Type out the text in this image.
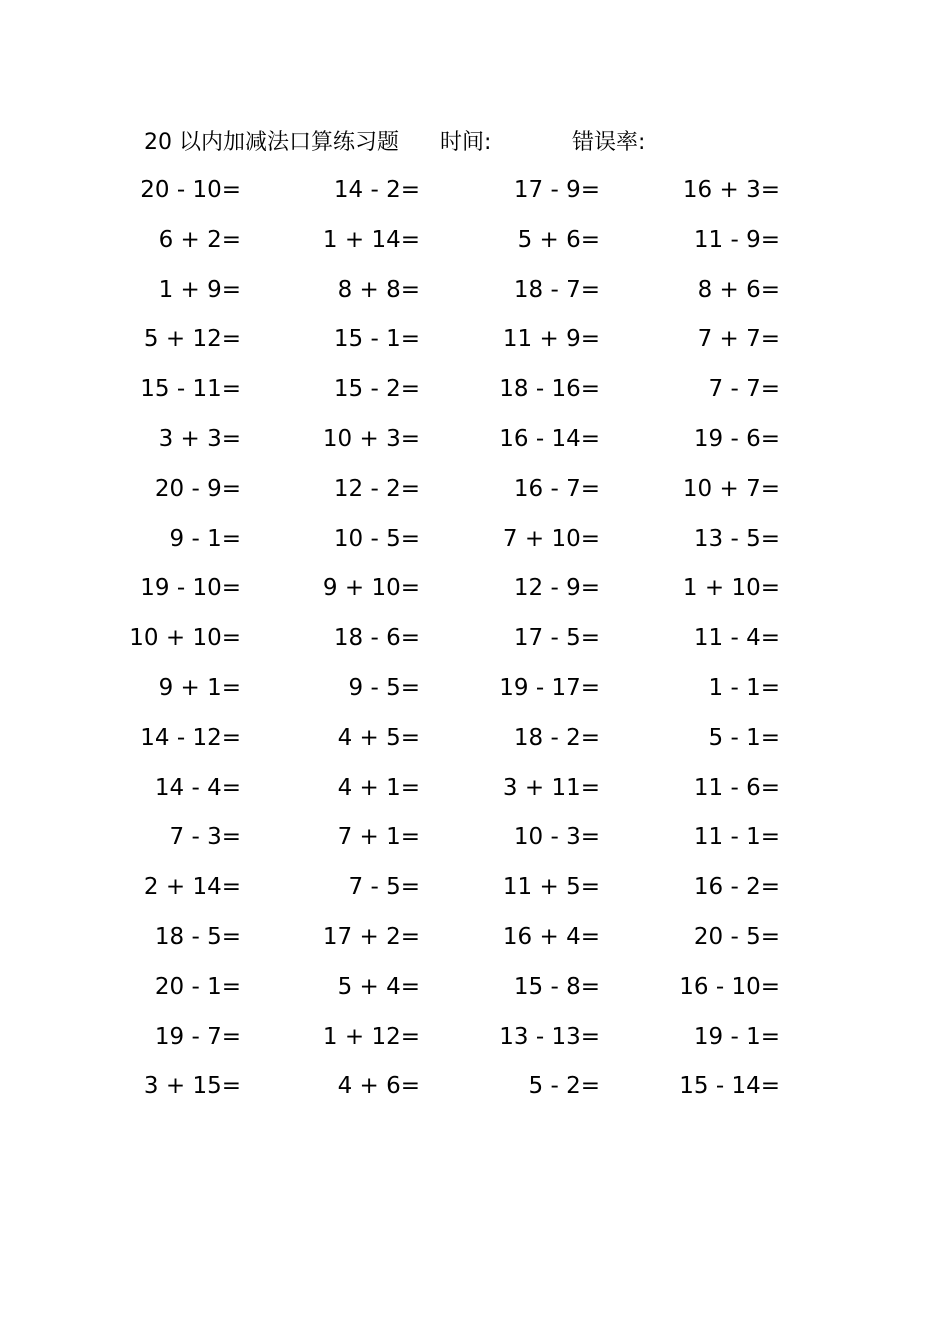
20 以内加减法口算练习题 时间:	错误率:
20 - 10=	14 - 2=	17 - 9=	16 + 3=
6 + 2=	1 + 14=	5 + 6=	11 - 9=
1 + 9=	8 + 8=	18 - 7=	8 + 6=
5 + 12=	15 - 1=	11 + 9=	7 + 7=
15 - 11=	15 - 2=	18 - 16=	7 - 7=
3 + 3=	10 + 3=	16 - 14=	19 - 6=
20 - 9=	12 - 2=	16 - 7=	10 + 7=
9 - 1=	10 - 5=	7 + 10=	13 - 5=
19 - 10=	9 + 10=	12 - 9=	1 + 10=
10 + 10=	18 - 6=	17 - 5=	11 - 4=
9 + 1=	9 - 5=	19 - 17=	1 - 1=
14 - 12=	4 + 5=	18 - 2=	5 - 1=
14 - 4=	4 + 1=	3 + 11=	11 - 6=
7 - 3=	7 + 1=	10 - 3=	11 - 1=
2 + 14=	7 - 5=	11 + 5=	16 - 2=
18 - 5=	17 + 2=	16 + 4=	20 - 5=
20 - 1=	5 + 4=	15 - 8=	16 - 10=
19 - 7=	1 + 12=	13 - 13=	19 - 1=
3 + 15=	4 + 6=	5 - 2=	15 - 14=
